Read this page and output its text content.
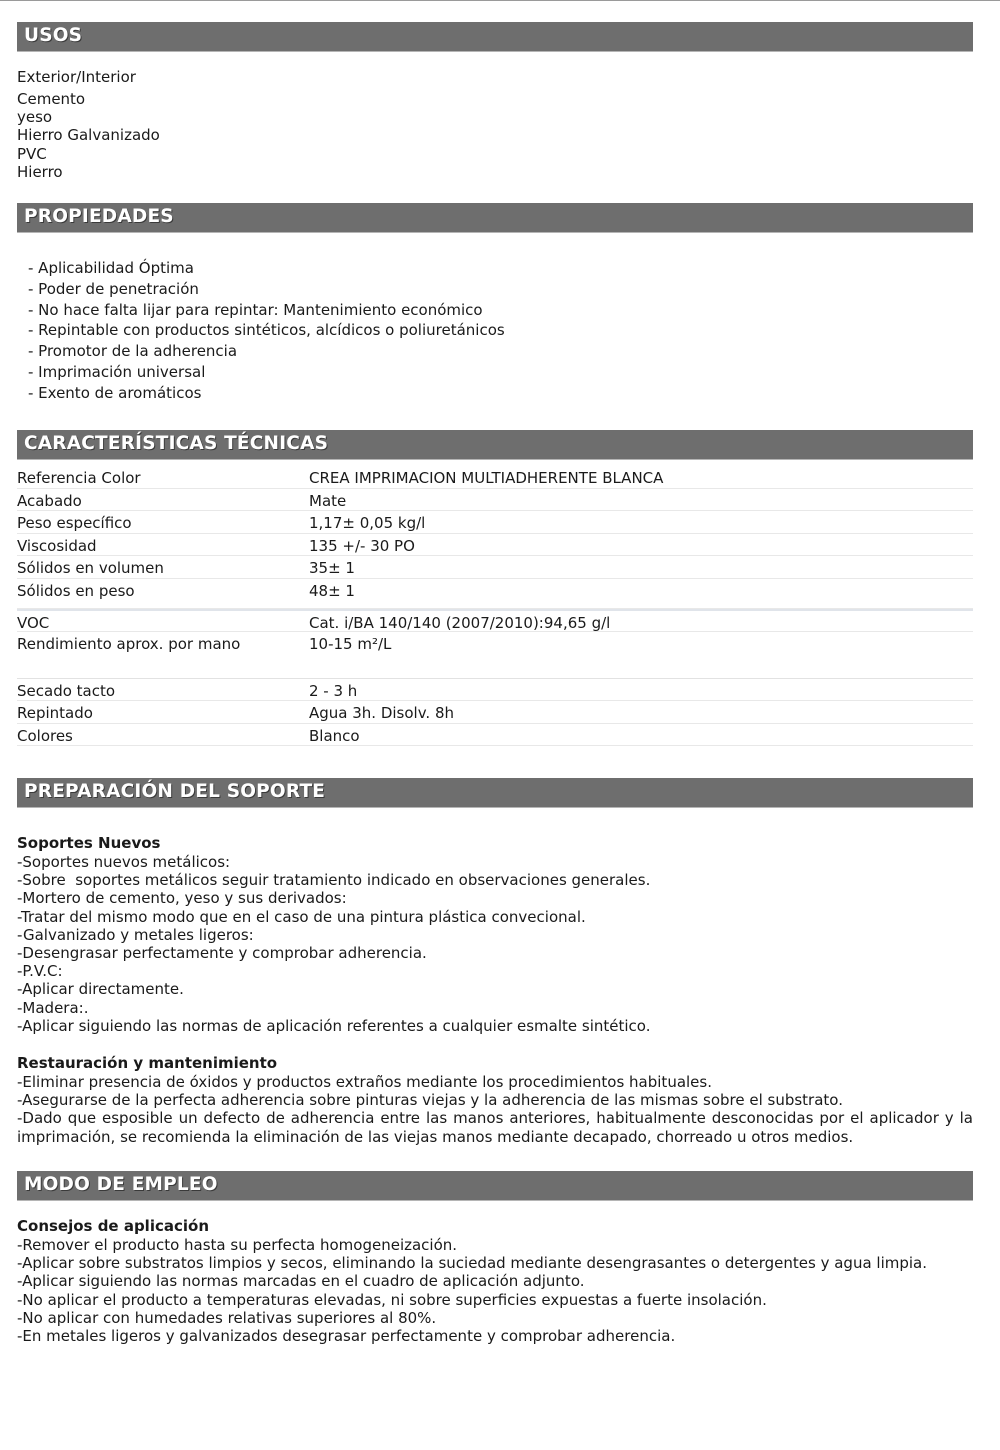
USOS
Exterior/Interior
Cemento
yeso
Hierro Galvanizado
PVC
Hierro
PROPIEDADES
- Aplicabilidad Óptima
- Poder de penetración
- No hace falta lijar para repintar: Mantenimiento económico
- Repintable con productos sintéticos, alcídicos o poliuretánicos
- Promotor de la adherencia
- Imprimación universal
- Exento de aromáticos
CARACTERÍSTICAS TÉCNICAS
Referencia Color	CREA IMPRIMACION MULTIADHERENTE BLANCA
Acabado	Mate
Peso específico	1,17± 0,05 kg/l
Viscosidad	135 +/- 30 PO
Sólidos en volumen	35± 1
Sólidos en peso	48± 1
VOC	Cat. i/BA 140/140 (2007/2010):94,65 g/l
Rendimiento aprox. por mano	10-15 m²/L
Secado tacto	2 - 3 h
Repintado	Agua 3h. Disolv. 8h
Colores	Blanco
PREPARACIÓN DEL SOPORTE
Soportes Nuevos
-Soportes nuevos metálicos:
-Sobre  soportes metálicos seguir tratamiento indicado en observaciones generales.
-Mortero de cemento, yeso y sus derivados:
-Tratar del mismo modo que en el caso de una pintura plástica convecional.
-Galvanizado y metales ligeros:
-Desengrasar perfectamente y comprobar adherencia.
-P.V.C:
-Aplicar directamente.
-Madera:.
-Aplicar siguiendo las normas de aplicación referentes a cualquier esmalte sintético.
Restauración y mantenimiento
-Eliminar presencia de óxidos y productos extraños mediante los procedimientos habituales.
-Asegurarse de la perfecta adherencia sobre pinturas viejas y la adherencia de las mismas sobre el substrato.
-Dado que esposible un defecto de adherencia entre las manos anteriores, habitualmente desconocidas por el aplicador y la imprimación, se recomienda la eliminación de las viejas manos mediante decapado, chorreado u otros medios.
MODO DE EMPLEO
Consejos de aplicación
-Remover el producto hasta su perfecta homogeneización.
-Aplicar sobre substratos limpios y secos, eliminando la suciedad mediante desengrasantes o detergentes y agua limpia.
-Aplicar siguiendo las normas marcadas en el cuadro de aplicación adjunto.
-No aplicar el producto a temperaturas elevadas, ni sobre superficies expuestas a fuerte insolación.
-No aplicar con humedades relativas superiores al 80%.
-En metales ligeros y galvanizados desegrasar perfectamente y comprobar adherencia.
